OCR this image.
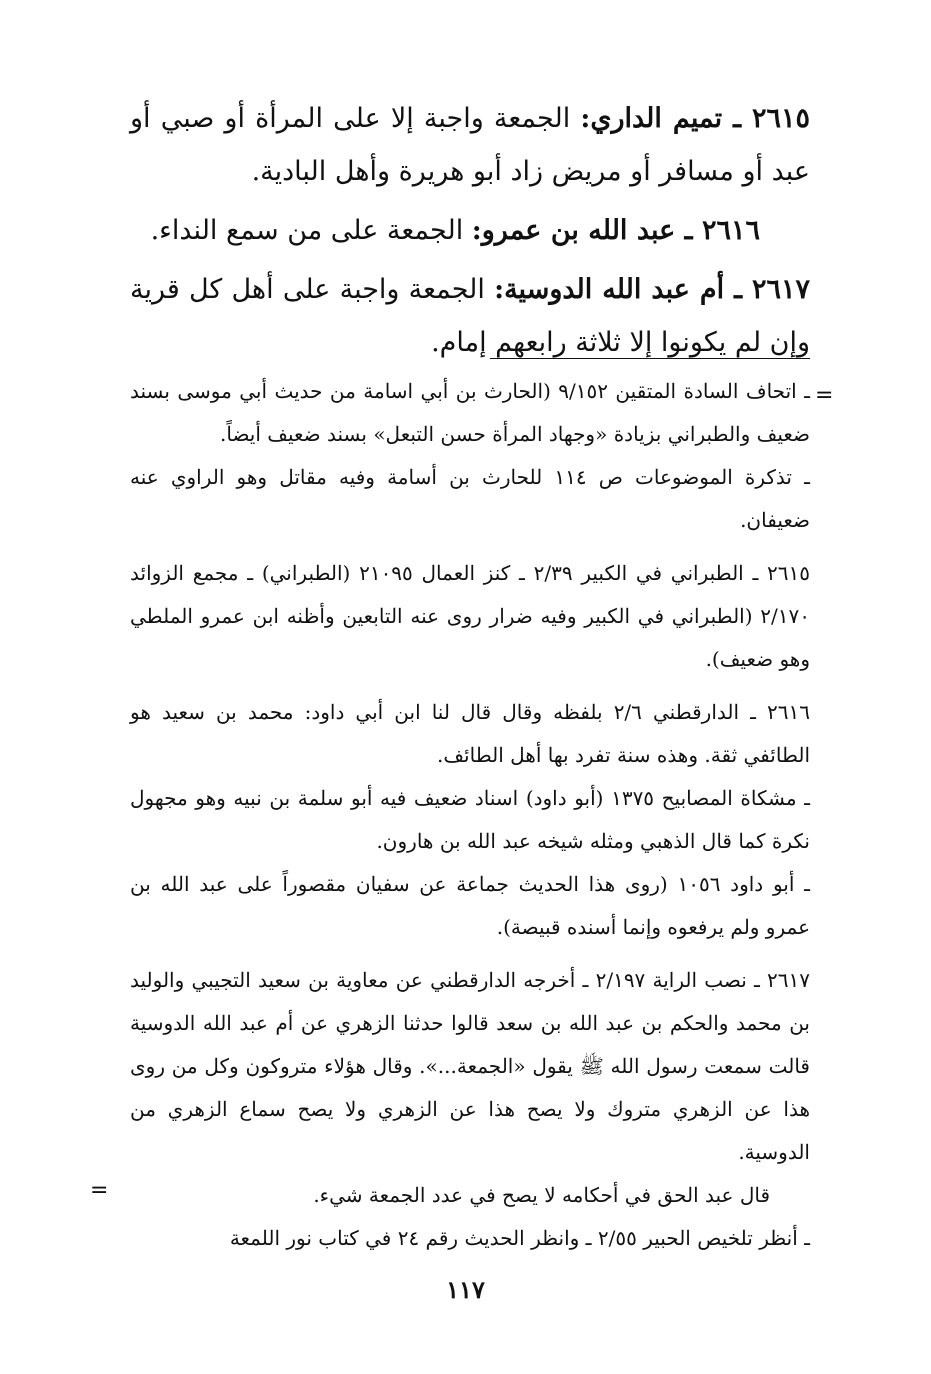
٢٦١٥ ـ تميم الداري: الجمعة واجبة إلا على المرأة أو صبي أو عبد أو مسافر أو مريض زاد أبو هريرة وأهل البادية.

٢٦١٦ ـ عبد الله بن عمرو: الجمعة على من سمع النداء.

٢٦١٧ ـ أم عبد الله الدوسية: الجمعة واجبة على أهل كل قرية وإن لم يكونوا إلا ثلاثة رابعهم إمام.

=

ـ اتحاف السادة المتقين ٩/١٥٢ (الحارث بن أبي اسامة من حديث أبي موسى بسند ضعيف والطبراني بزيادة «وجهاد المرأة حسن التبعل» بسند ضعيف أيضاً.

ـ تذكرة الموضوعات ص ١١٤ للحارث بن أسامة وفيه مقاتل وهو الراوي عنه ضعيفان.

٢٦١٥ ـ الطبراني في الكبير ٢/٣٩ ـ كنز العمال ٢١٠٩٥ (الطبراني) ـ مجمع الزوائد ٢/١٧٠ (الطبراني في الكبير وفيه ضرار روى عنه التابعين وأظنه ابن عمرو الملطي وهو ضعيف).

٢٦١٦ ـ الدارقطني ٢/٦ بلفظه وقال قال لنا ابن أبي داود: محمد بن سعيد هو الطائفي ثقة. وهذه سنة تفرد بها أهل الطائف.

ـ مشكاة المصابيح ١٣٧٥ (أبو داود) اسناد ضعيف فيه أبو سلمة بن نبيه وهو مجهول نكرة كما قال الذهبي ومثله شيخه عبد الله بن هارون.

ـ أبو داود ١٠٥٦ (روى هذا الحديث جماعة عن سفيان مقصوراً على عبد الله بن عمرو ولم يرفعوه وإنما أسنده قبيصة).

٢٦١٧ ـ نصب الراية ٢/١٩٧ ـ أخرجه الدارقطني عن معاوية بن سعيد التجيبي والوليد بن محمد والحكم بن عبد الله بن سعد قالوا حدثنا الزهري عن أم عبد الله الدوسية قالت سمعت رسول الله ﷺ يقول «الجمعة...». وقال هؤلاء متروكون وكل من روى هذا عن الزهري متروك ولا يصح هذا عن الزهري ولا يصح سماع الزهري من الدوسية.

قال عبد الحق في أحكامه لا يصح في عدد الجمعة شيء.

ـ أنظر تلخيص الحبير ٢/٥٥ ـ وانظر الحديث رقم ٢٤ في كتاب نور اللمعة

=
١١٧
